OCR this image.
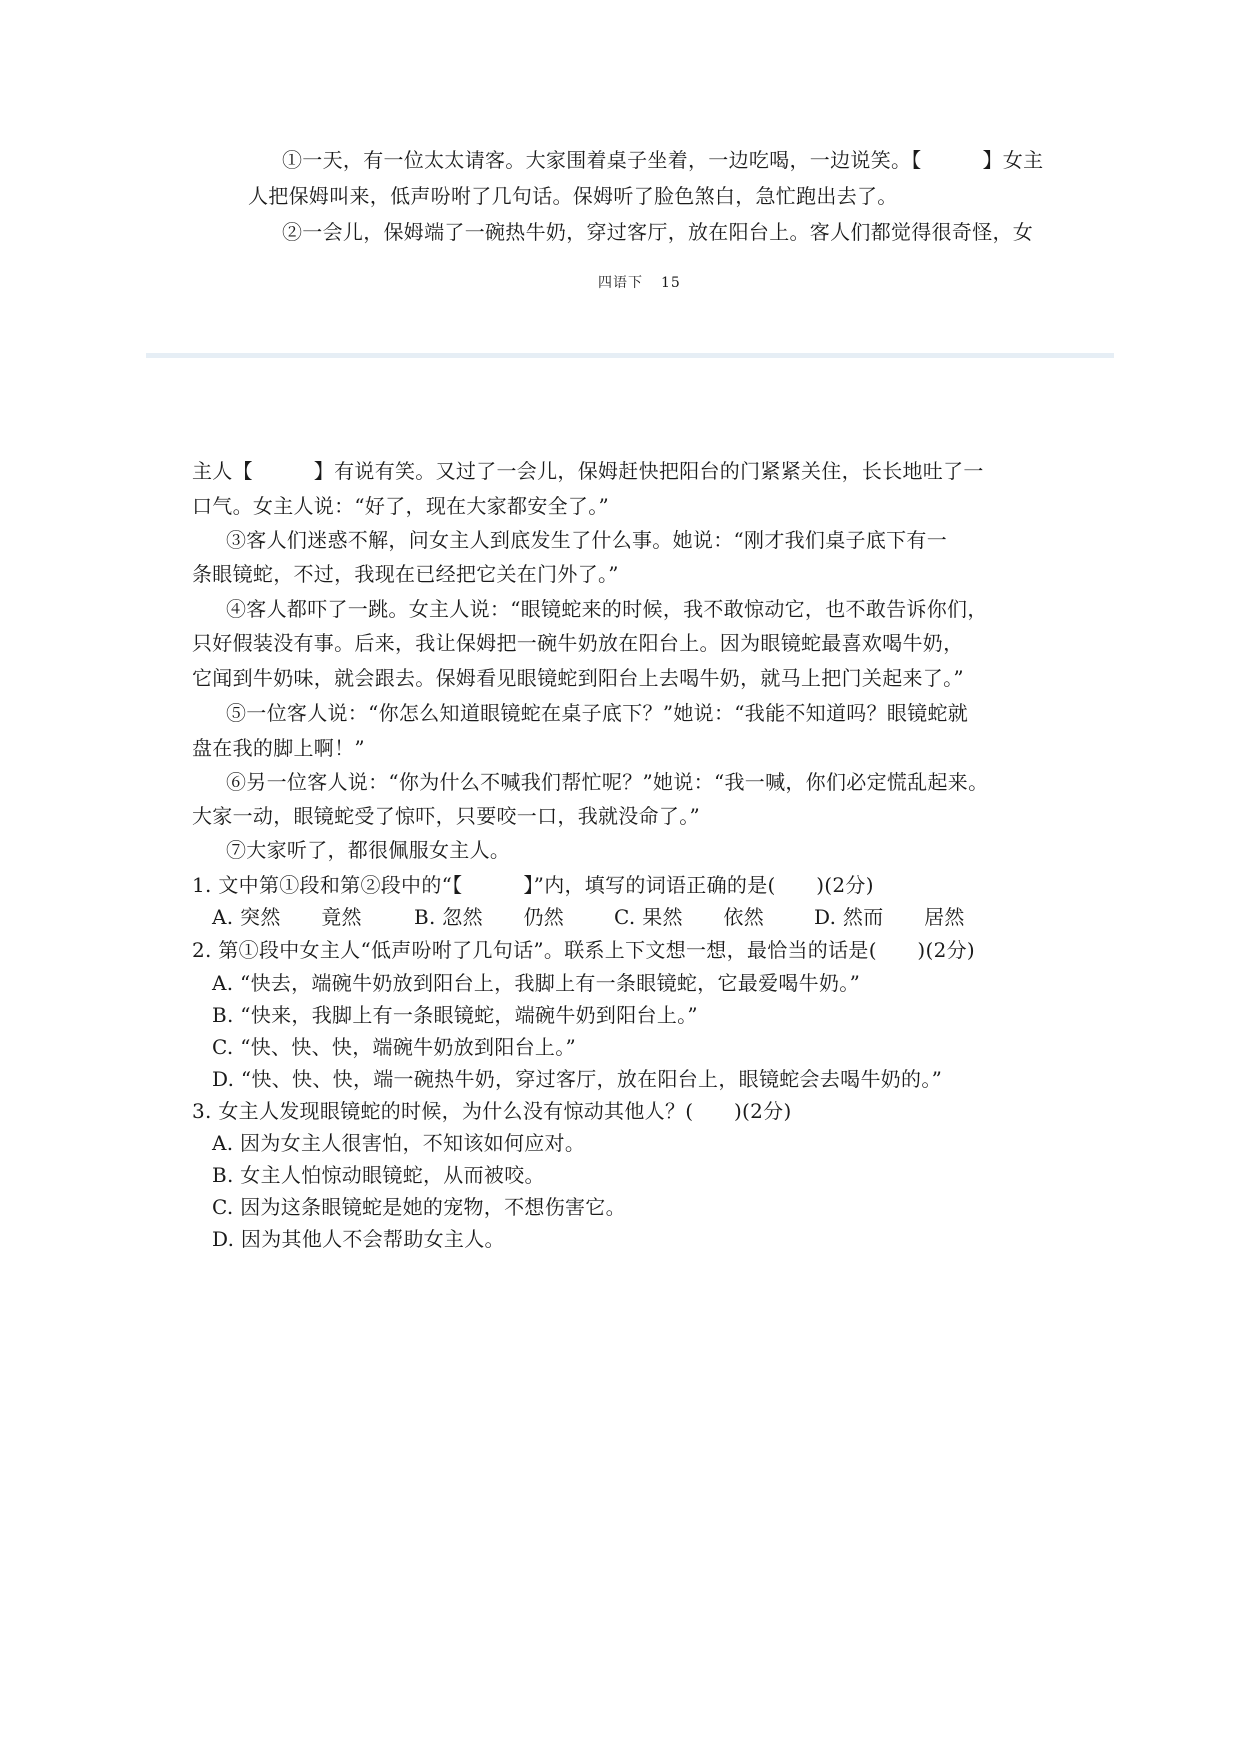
①一天，有一位太太请客。大家围着桌子坐着，一边吃喝，一边说笑。【　　　】女主
人把保姆叫来，低声吩咐了几句话。保姆听了脸色煞白，急忙跑出去了。
②一会儿，保姆端了一碗热牛奶，穿过客厅，放在阳台上。客人们都觉得很奇怪，女
四语下 15
主人【　　　】有说有笑。又过了一会儿，保姆赶快把阳台的门紧紧关住，长长地吐了一
口气。女主人说：“好了，现在大家都安全了。”
③客人们迷惑不解，问女主人到底发生了什么事。她说：“刚才我们桌子底下有一
条眼镜蛇，不过，我现在已经把它关在门外了。”
④客人都吓了一跳。女主人说：“眼镜蛇来的时候，我不敢惊动它，也不敢告诉你们，
只好假装没有事。后来，我让保姆把一碗牛奶放在阳台上。因为眼镜蛇最喜欢喝牛奶，
它闻到牛奶味，就会跟去。保姆看见眼镜蛇到阳台上去喝牛奶，就马上把门关起来了。”
⑤一位客人说：“你怎么知道眼镜蛇在桌子底下？”她说：“我能不知道吗？眼镜蛇就
盘在我的脚上啊！”
⑥另一位客人说：“你为什么不喊我们帮忙呢？”她说：“我一喊，你们必定慌乱起来。
大家一动，眼镜蛇受了惊吓，只要咬一口，我就没命了。”
⑦大家听了，都很佩服女主人。
1. 文中第①段和第②段中的“【　　　】”内，填写的词语正确的是(　　)(2分)
A. 突然　　竟然	B. 忽然　　仍然 C. 果然　　依然 D. 然而　　居然
2. 第①段中女主人“低声吩咐了几句话”。联系上下文想一想，最恰当的话是(　　)(2分)
A. “快去，端碗牛奶放到阳台上，我脚上有一条眼镜蛇，它最爱喝牛奶。”
B. “快来，我脚上有一条眼镜蛇，端碗牛奶到阳台上。”
C. “快、快、快，端碗牛奶放到阳台上。”
D. “快、快、快，端一碗热牛奶，穿过客厅，放在阳台上，眼镜蛇会去喝牛奶的。”
3. 女主人发现眼镜蛇的时候，为什么没有惊动其他人？(　　)(2分)
A. 因为女主人很害怕，不知该如何应对。
B. 女主人怕惊动眼镜蛇，从而被咬。
C. 因为这条眼镜蛇是她的宠物，不想伤害它。
D. 因为其他人不会帮助女主人。
